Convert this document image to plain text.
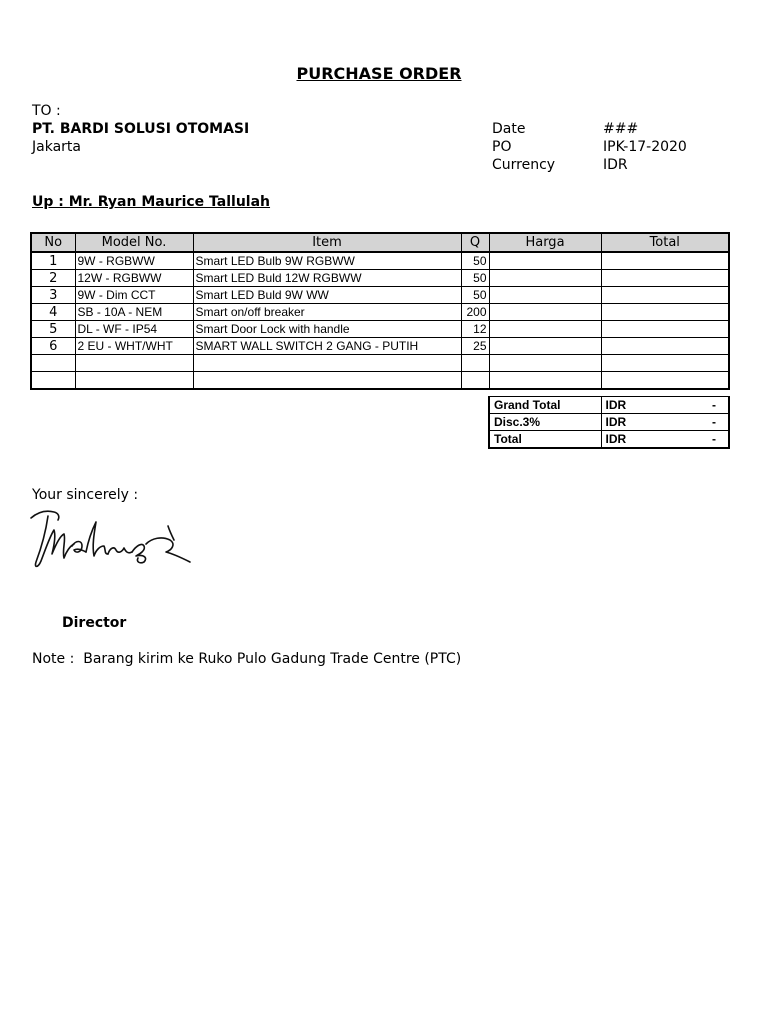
PURCHASE ORDER
TO :
PT. BARDI SOLUSI OTOMASI
Jakarta
Date	###
PO	IPK-17-2020
Currency	IDR
Up : Mr. Ryan Maurice Tallulah
No	Model No.	Item	Q	Harga	Total
1	9W - RGBWW	Smart LED Bulb 9W RGBWW	50		
2	12W - RGBWW	Smart LED Buld 12W RGBWW	50		
3	9W - Dim CCT	Smart LED Buld 9W WW	50		
4	SB - 10A - NEM	Smart on/off breaker	200		
5	DL - WF - IP54	Smart Door Lock with handle	12		
6	2 EU - WHT/WHT	SMART WALL SWITCH 2 GANG - PUTIH	25		

Grand Total	IDR -

Disc.3%	IDR -

Total	IDR -
Your sincerely :
Director
Note :  Barang kirim ke Ruko Pulo Gadung Trade Centre (PTC)
